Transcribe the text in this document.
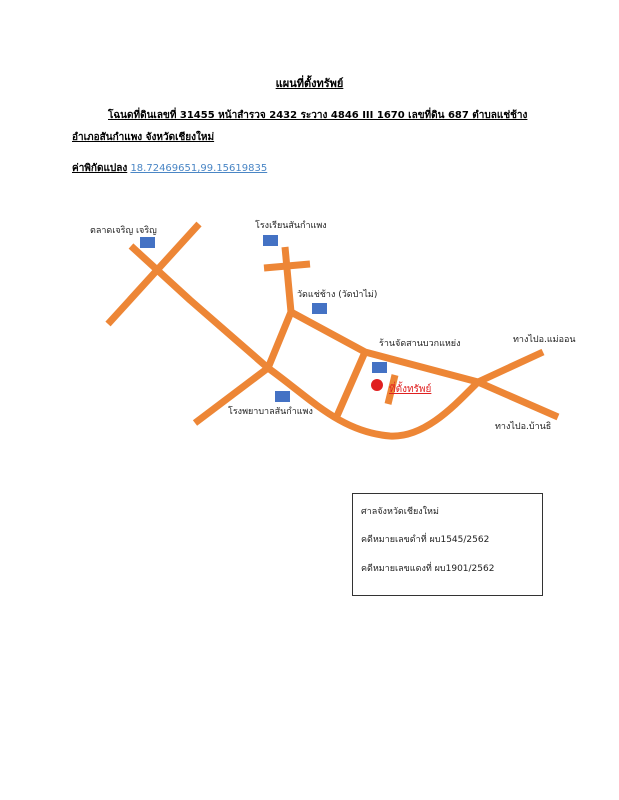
แผนที่ตั้งทรัพย์
โฉนดที่ดินเลขที่ 31455 หน้าสำรวจ 2432 ระวาง 4846 III 1670 เลขที่ดิน 687 ตำบลแช่ช้าง
อำเภอสันกำแพง จังหวัดเชียงใหม่
ค่าพิกัดแปลง 18.72469651,99.15619835
ตลาดเจริญ เจริญ	โรงเรียนสันกำแพง
วัดแช่ช้าง (วัดป่าไม่)
ร้านจัดสานบวกแหย่ง	ทางไปอ.แม่ออน
ทางไปอ.บ้านธิ
โรงพยาบาลสันกำแพง
ที่ตั้งทรัพย์
ศาลจังหวัดเชียงใหม่
คดีหมายเลขดำที่ ผบ1545/2562
คดีหมายเลขแดงที่ ผบ1901/2562
